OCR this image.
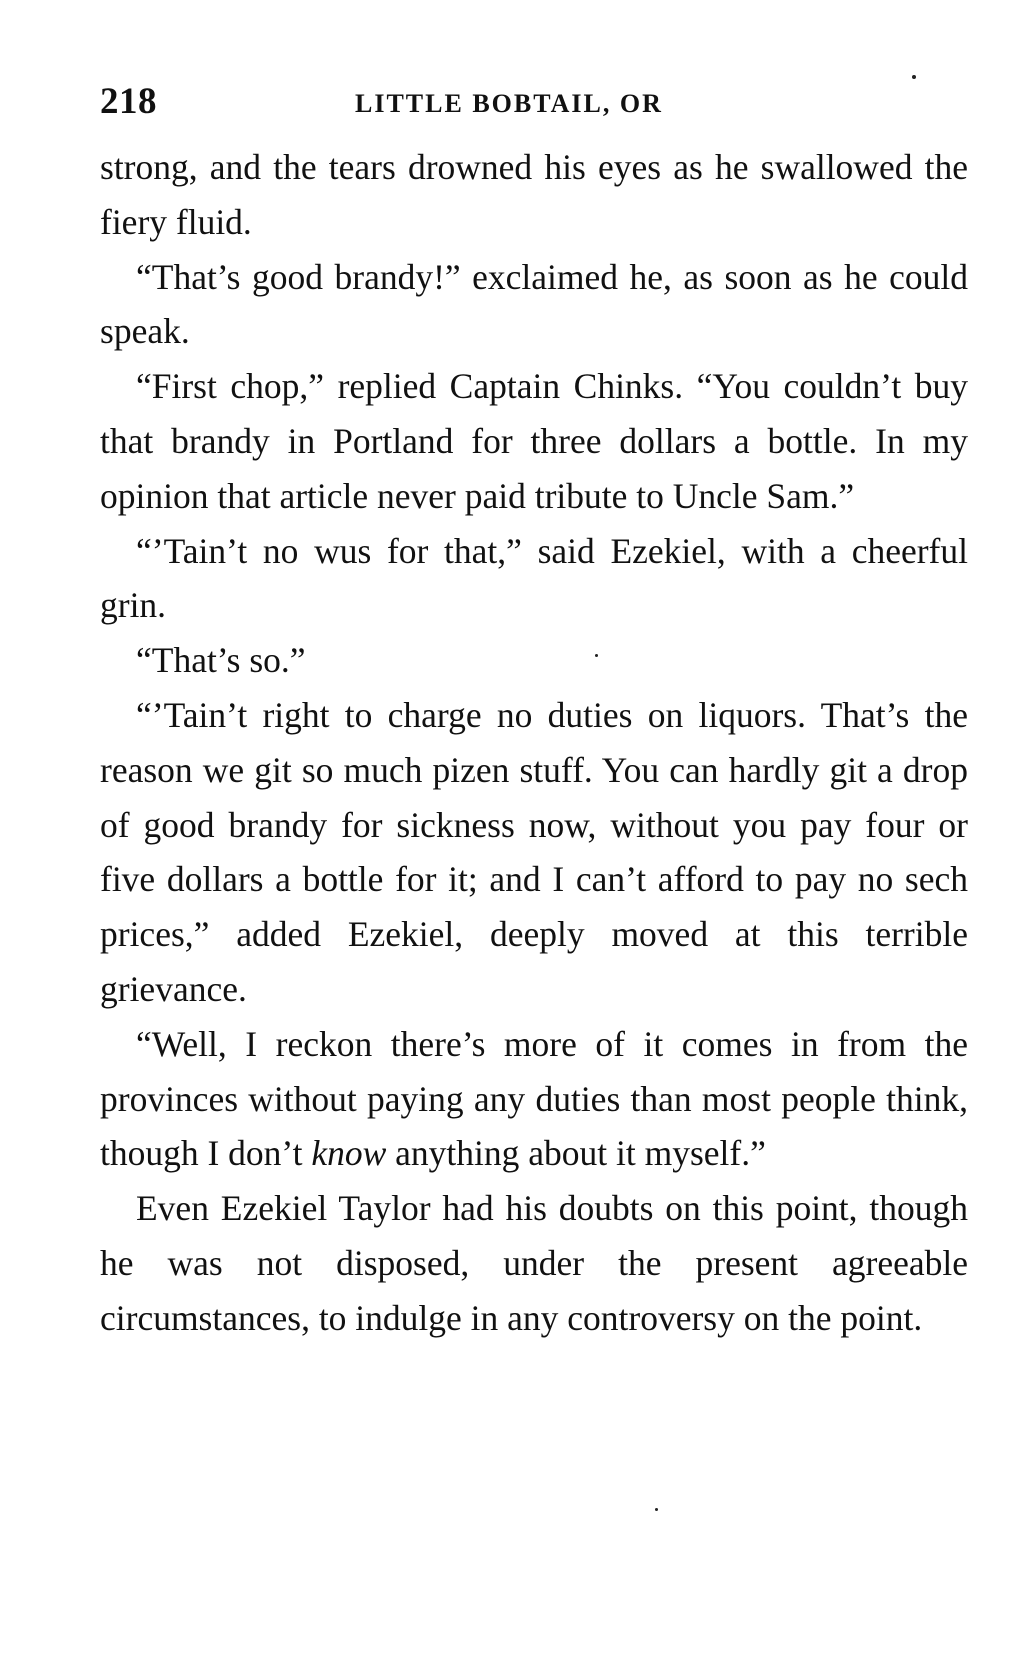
218	LITTLE BOBTAIL, OR

strong, and the tears drowned his eyes as he swallowed the fiery fluid.

“That’s good brandy!” exclaimed he, as soon as he could speak.

“First chop,” replied Captain Chinks. “You couldn’t buy that brandy in Portland for three dollars a bottle. In my opinion that article never paid tribute to Uncle Sam.”

“’Tain’t no wus for that,” said Ezekiel, with a cheerful grin.

“That’s so.”

“’Tain’t right to charge no duties on liquors. That’s the reason we git so much pizen stuff. You can hardly git a drop of good brandy for sickness now, without you pay four or five dollars a bottle for it; and I can’t afford to pay no sech prices,” added Ezekiel, deeply moved at this terrible grievance.

“Well, I reckon there’s more of it comes in from the provinces without paying any duties than most people think, though I don’t know anything about it myself.”

Even Ezekiel Taylor had his doubts on this point, though he was not disposed, under the present agreeable circumstances, to indulge in any controversy on the point.
